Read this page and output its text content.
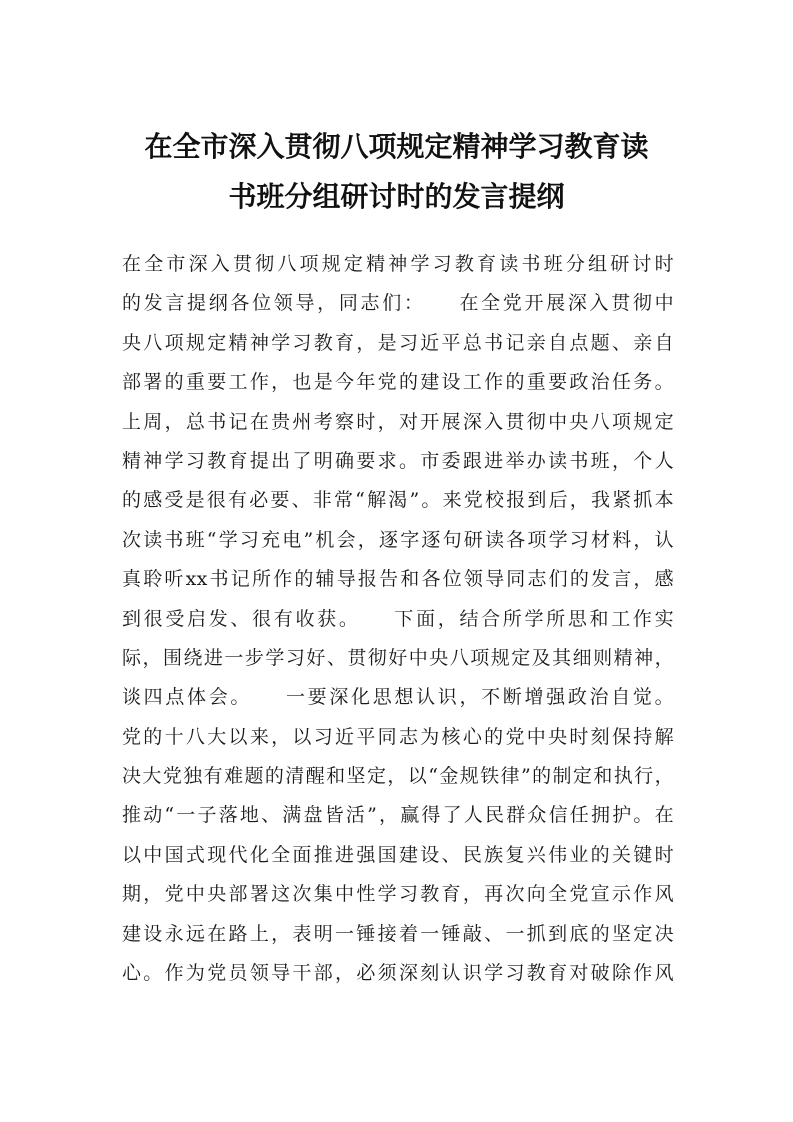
在全市深入贯彻八项规定精神学习教育读
书班分组研讨时的发言提纲
在全市深入贯彻八项规定精神学习教育读书班分组研讨时
的发言提纲各位领导，同志们：　　在全党开展深入贯彻中
央八项规定精神学习教育，是习近平总书记亲自点题、亲自
部署的重要工作，也是今年党的建设工作的重要政治任务。
上周，总书记在贵州考察时，对开展深入贯彻中央八项规定
精神学习教育提出了明确要求。市委跟进举办读书班，个人
的感受是很有必要、非常“解渴”。来党校报到后，我紧抓本
次读书班“学习充电”机会，逐字逐句研读各项学习材料，认
真聆听xx书记所作的辅导报告和各位领导同志们的发言，感
到很受启发、很有收获。　　下面，结合所学所思和工作实
际，围绕进一步学习好、贯彻好中央八项规定及其细则精神，
谈四点体会。　　一要深化思想认识，不断增强政治自觉。
党的十八大以来，以习近平同志为核心的党中央时刻保持解
决大党独有难题的清醒和坚定，以“金规铁律”的制定和执行，
推动“一子落地、满盘皆活”，赢得了人民群众信任拥护。在
以中国式现代化全面推进强国建设、民族复兴伟业的关键时
期，党中央部署这次集中性学习教育，再次向全党宣示作风
建设永远在路上，表明一锤接着一锤敲、一抓到底的坚定决
心。作为党员领导干部，必须深刻认识学习教育对破除作风
